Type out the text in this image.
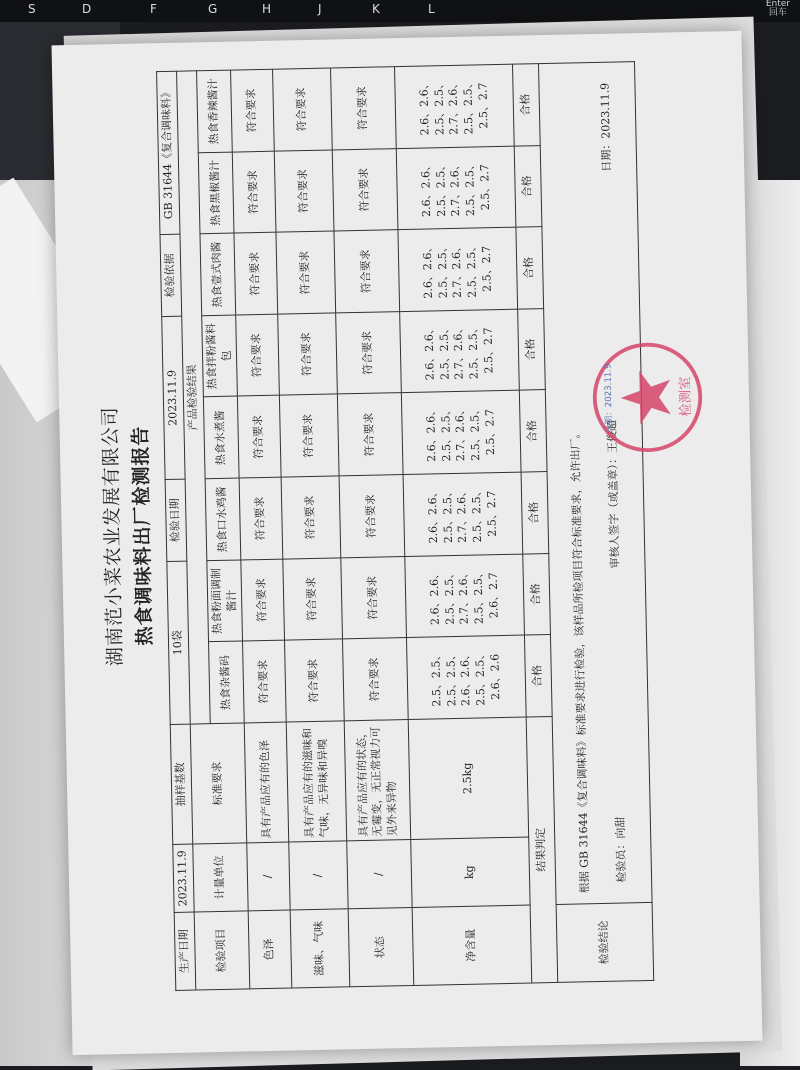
S	D	F	G	H	J	K	L	Enter
回车
湖南范小菜农业发展有限公司 热食调味料出厂检测报告
生产日期	2023.11.9	抽样基数	10袋		检验日期	2023.11.9		检验依据	GB 31644《复合调味料》	
检验项目	计量单位	标准要求	产品检验结果							
			热食杂酱码	热食粉面调制酱汁	热食口水鸡酱	热食水煮酱	热食拌粉酱料包	热食壹式肉酱	热食黑椒酱汁	热食香辣酱汁
色泽	/	具有产品应有的色泽	符合要求	符合要求	符合要求	符合要求	符合要求	符合要求	符合要求	符合要求
滋味、气味	/	具有产品应有的滋味和气味，无异味和异嗅	符合要求	符合要求	符合要求	符合要求	符合要求	符合要求	符合要求	符合要求
状态	/	具有产品应有的状态，无霉变，无正常视力可见外来异物	符合要求	符合要求	符合要求	符合要求	符合要求	符合要求	符合要求	符合要求
净含量	kg	2.5kg	2.5、2.5、2.5、2.5、2.6、2.6、2.5、2.5、2.6、2.6	2.6、2.6、2.5、2.5、2.7、2.6、2.5、2.5、2.6、2.7	2.6、2.6、2.5、2.5、2.7、2.6、2.5、2.5、2.5、2.7	2.6、2.6、2.5、2.5、2.7、2.6、2.5、2.5、2.5、2.7	2.6、2.6、2.5、2.5、2.7、2.6、2.5、2.5、2.5、2.7	2.6、2.6、2.5、2.5、2.7、2.6、2.5、2.5、2.5、2.7	2.6、2.6、2.5、2.5、2.7、2.6、2.5、2.5、2.5、2.7	2.6、2.6、2.5、2.5、2.7、2.6、2.5、2.5、2.5、2.7
结果判定			合格	合格	合格	合格	合格	合格	合格	合格
检验结论	根据 GB 31644《复合调味料》标准要求进行检验，该样品所检项目符合标准要求，允许出厂。 检验员：向甜
审核人签字（或盖章）：王俊超
日期：2023.11.9									
检测室
日期：2023.11.9
